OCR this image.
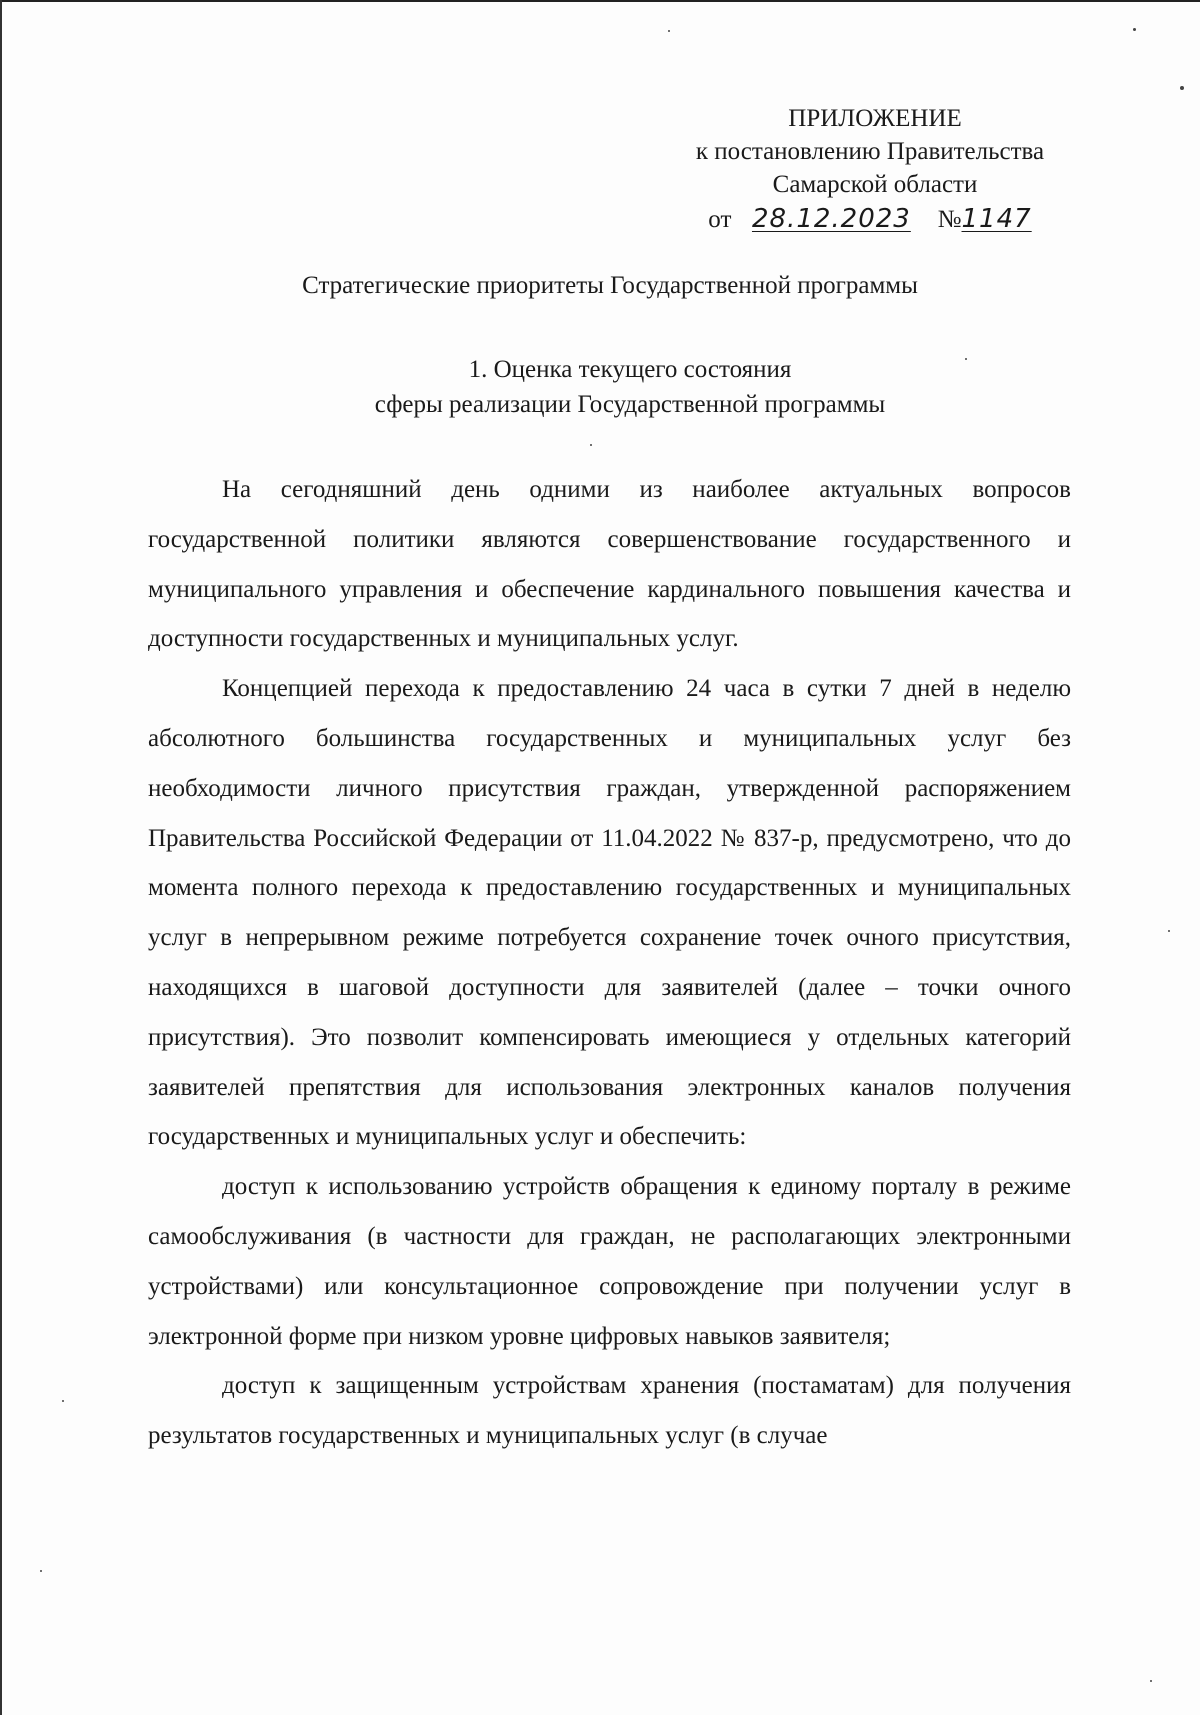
ПРИЛОЖЕНИЕ
к постановлению Правительства
Самарской области
от 28.12.2023 №1147
Стратегические приоритеты Государственной программы
1. Оценка текущего состояния
сферы реализации Государственной программы

На сегодняшний день одними из наиболее актуальных вопросов государственной политики являются совершенствование государственного и муниципального управления и обеспечение кардинального повышения качества и доступности государственных и муниципальных услуг.

Концепцией перехода к предоставлению 24 часа в сутки 7 дней в неделю абсолютного большинства государственных и муниципальных услуг без необходимости личного присутствия граждан, утвержденной распоряжением Правительства Российской Федерации от 11.04.2022 № 837-р, предусмотрено, что до момента полного перехода к предоставлению государственных и муниципальных услуг в непрерывном режиме потребуется сохранение точек очного присутствия, находящихся в шаговой доступности для заявителей (далее – точки очного присутствия). Это позволит компенсировать имеющиеся у отдельных категорий заявителей препятствия для использования электронных каналов получения государственных и муниципальных услуг и обеспечить:

доступ к использованию устройств обращения к единому порталу в режиме самообслуживания (в частности для граждан, не располагающих электронными устройствами) или консультационное сопровождение при получении услуг в электронной форме при низком уровне цифровых навыков заявителя;

доступ к защищенным устройствам хранения (постаматам) для получения результатов государственных и муниципальных услуг (в случае
